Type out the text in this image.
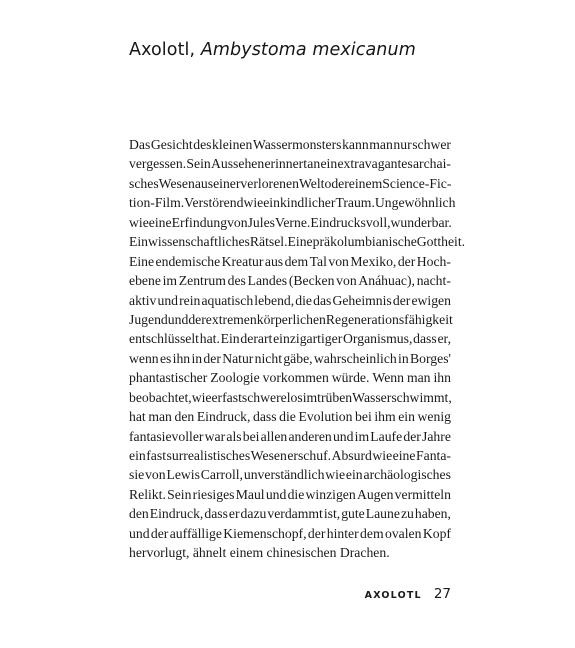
Axolotl, Ambystoma mexicanum
Das Gesicht des kleinen Wassermonsters kann man nur schwer
vergessen. Sein Aussehen erinnert an ein extravagantes archai-
sches Wesen aus einer verlorenen Welt oder einem Science-Fic-
tion-Film. Verstörend wie ein kindlicher Traum. Ungewöhnlich
wie eine Erfindung von Jules Verne. Eindrucksvoll, wunderbar.
Ein wissenschaftliches Rätsel. Eine präkolumbianische Gottheit.
Eine endemische Kreatur aus dem Tal von Mexiko, der Hoch-
ebene im Zentrum des Landes (Becken von Anáhuac), nacht-
aktiv und rein aquatisch lebend, die das Geheimnis der ewigen
Jugend und der extremen körperlichen Regenerationsfähigkeit
entschlüsselt hat. Ein derart einzigartiger Organismus, dass er,
wenn es ihn in der Natur nicht gäbe, wahrscheinlich in Borges'
phantastischer Zoologie vorkommen würde. Wenn man ihn
beobachtet, wie er fast schwerelos im trüben Wasser schwimmt,
hat man den Eindruck, dass die Evolution bei ihm ein wenig
fantasievoller war als bei allen anderen und im Laufe der Jahre
ein fast surrealistisches Wesen erschuf. Absurd wie eine Fanta-
sie von Lewis Carroll, unverständlich wie ein archäologisches
Relikt. Sein riesiges Maul und die winzigen Augen vermitteln
den Eindruck, dass er dazu verdammt ist, gute Laune zu haben,
und der auffällige Kiemenschopf, der hinter dem ovalen Kopf
hervorlugt, ähnelt einem chinesischen Drachen.
AXOLOTL 27
